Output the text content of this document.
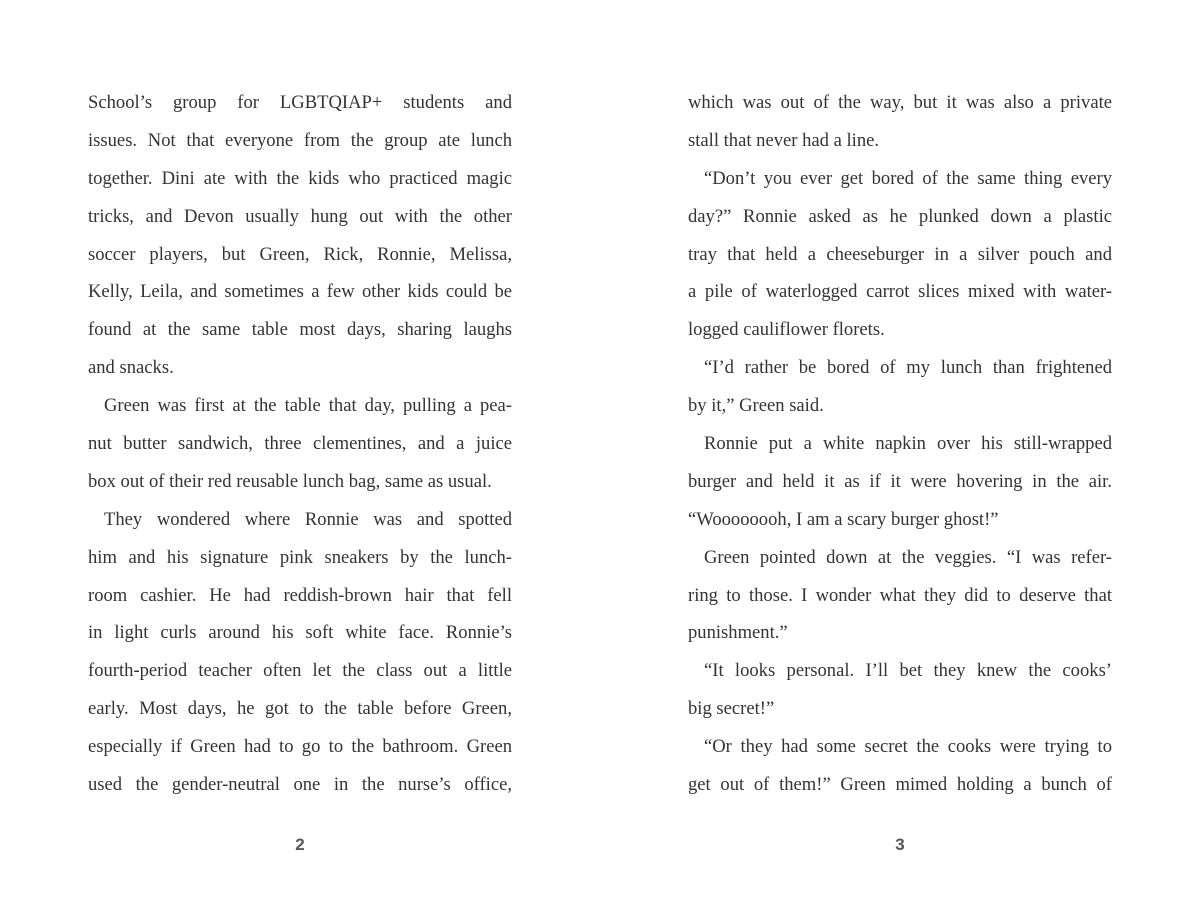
School’s group for LGBTQIAP+ students and
issues. Not that everyone from the group ate lunch
together. Dini ate with the kids who practiced magic
tricks, and Devon usually hung out with the other
soccer players, but Green, Rick, Ronnie, Melissa,
Kelly, Leila, and sometimes a few other kids could be
found at the same table most days, sharing laughs
and snacks.
Green was first at the table that day, pulling a pea-
nut butter sandwich, three clementines, and a juice
box out of their red reusable lunch bag, same as usual.
They wondered where Ronnie was and spotted
him and his signature pink sneakers by the lunch-
room cashier. He had reddish-brown hair that fell
in light curls around his soft white face. Ronnie’s
fourth-period teacher often let the class out a little
early. Most days, he got to the table before Green,
especially if Green had to go to the bathroom. Green
used the gender-neutral one in the nurse’s office,
which was out of the way, but it was also a private
stall that never had a line.
“Don’t you ever get bored of the same thing every
day?” Ronnie asked as he plunked down a plastic
tray that held a cheeseburger in a silver pouch and
a pile of waterlogged carrot slices mixed with water-
logged cauliflower florets.
“I’d rather be bored of my lunch than frightened
by it,” Green said.
Ronnie put a white napkin over his still-wrapped
burger and held it as if it were hovering in the air.
“Woooooooh, I am a scary burger ghost!”
Green pointed down at the veggies. “I was refer-
ring to those. I wonder what they did to deserve that
punishment.”
“It looks personal. I’ll bet they knew the cooks’
big secret!”
“Or they had some secret the cooks were trying to
get out of them!” Green mimed holding a bunch of
2	3
